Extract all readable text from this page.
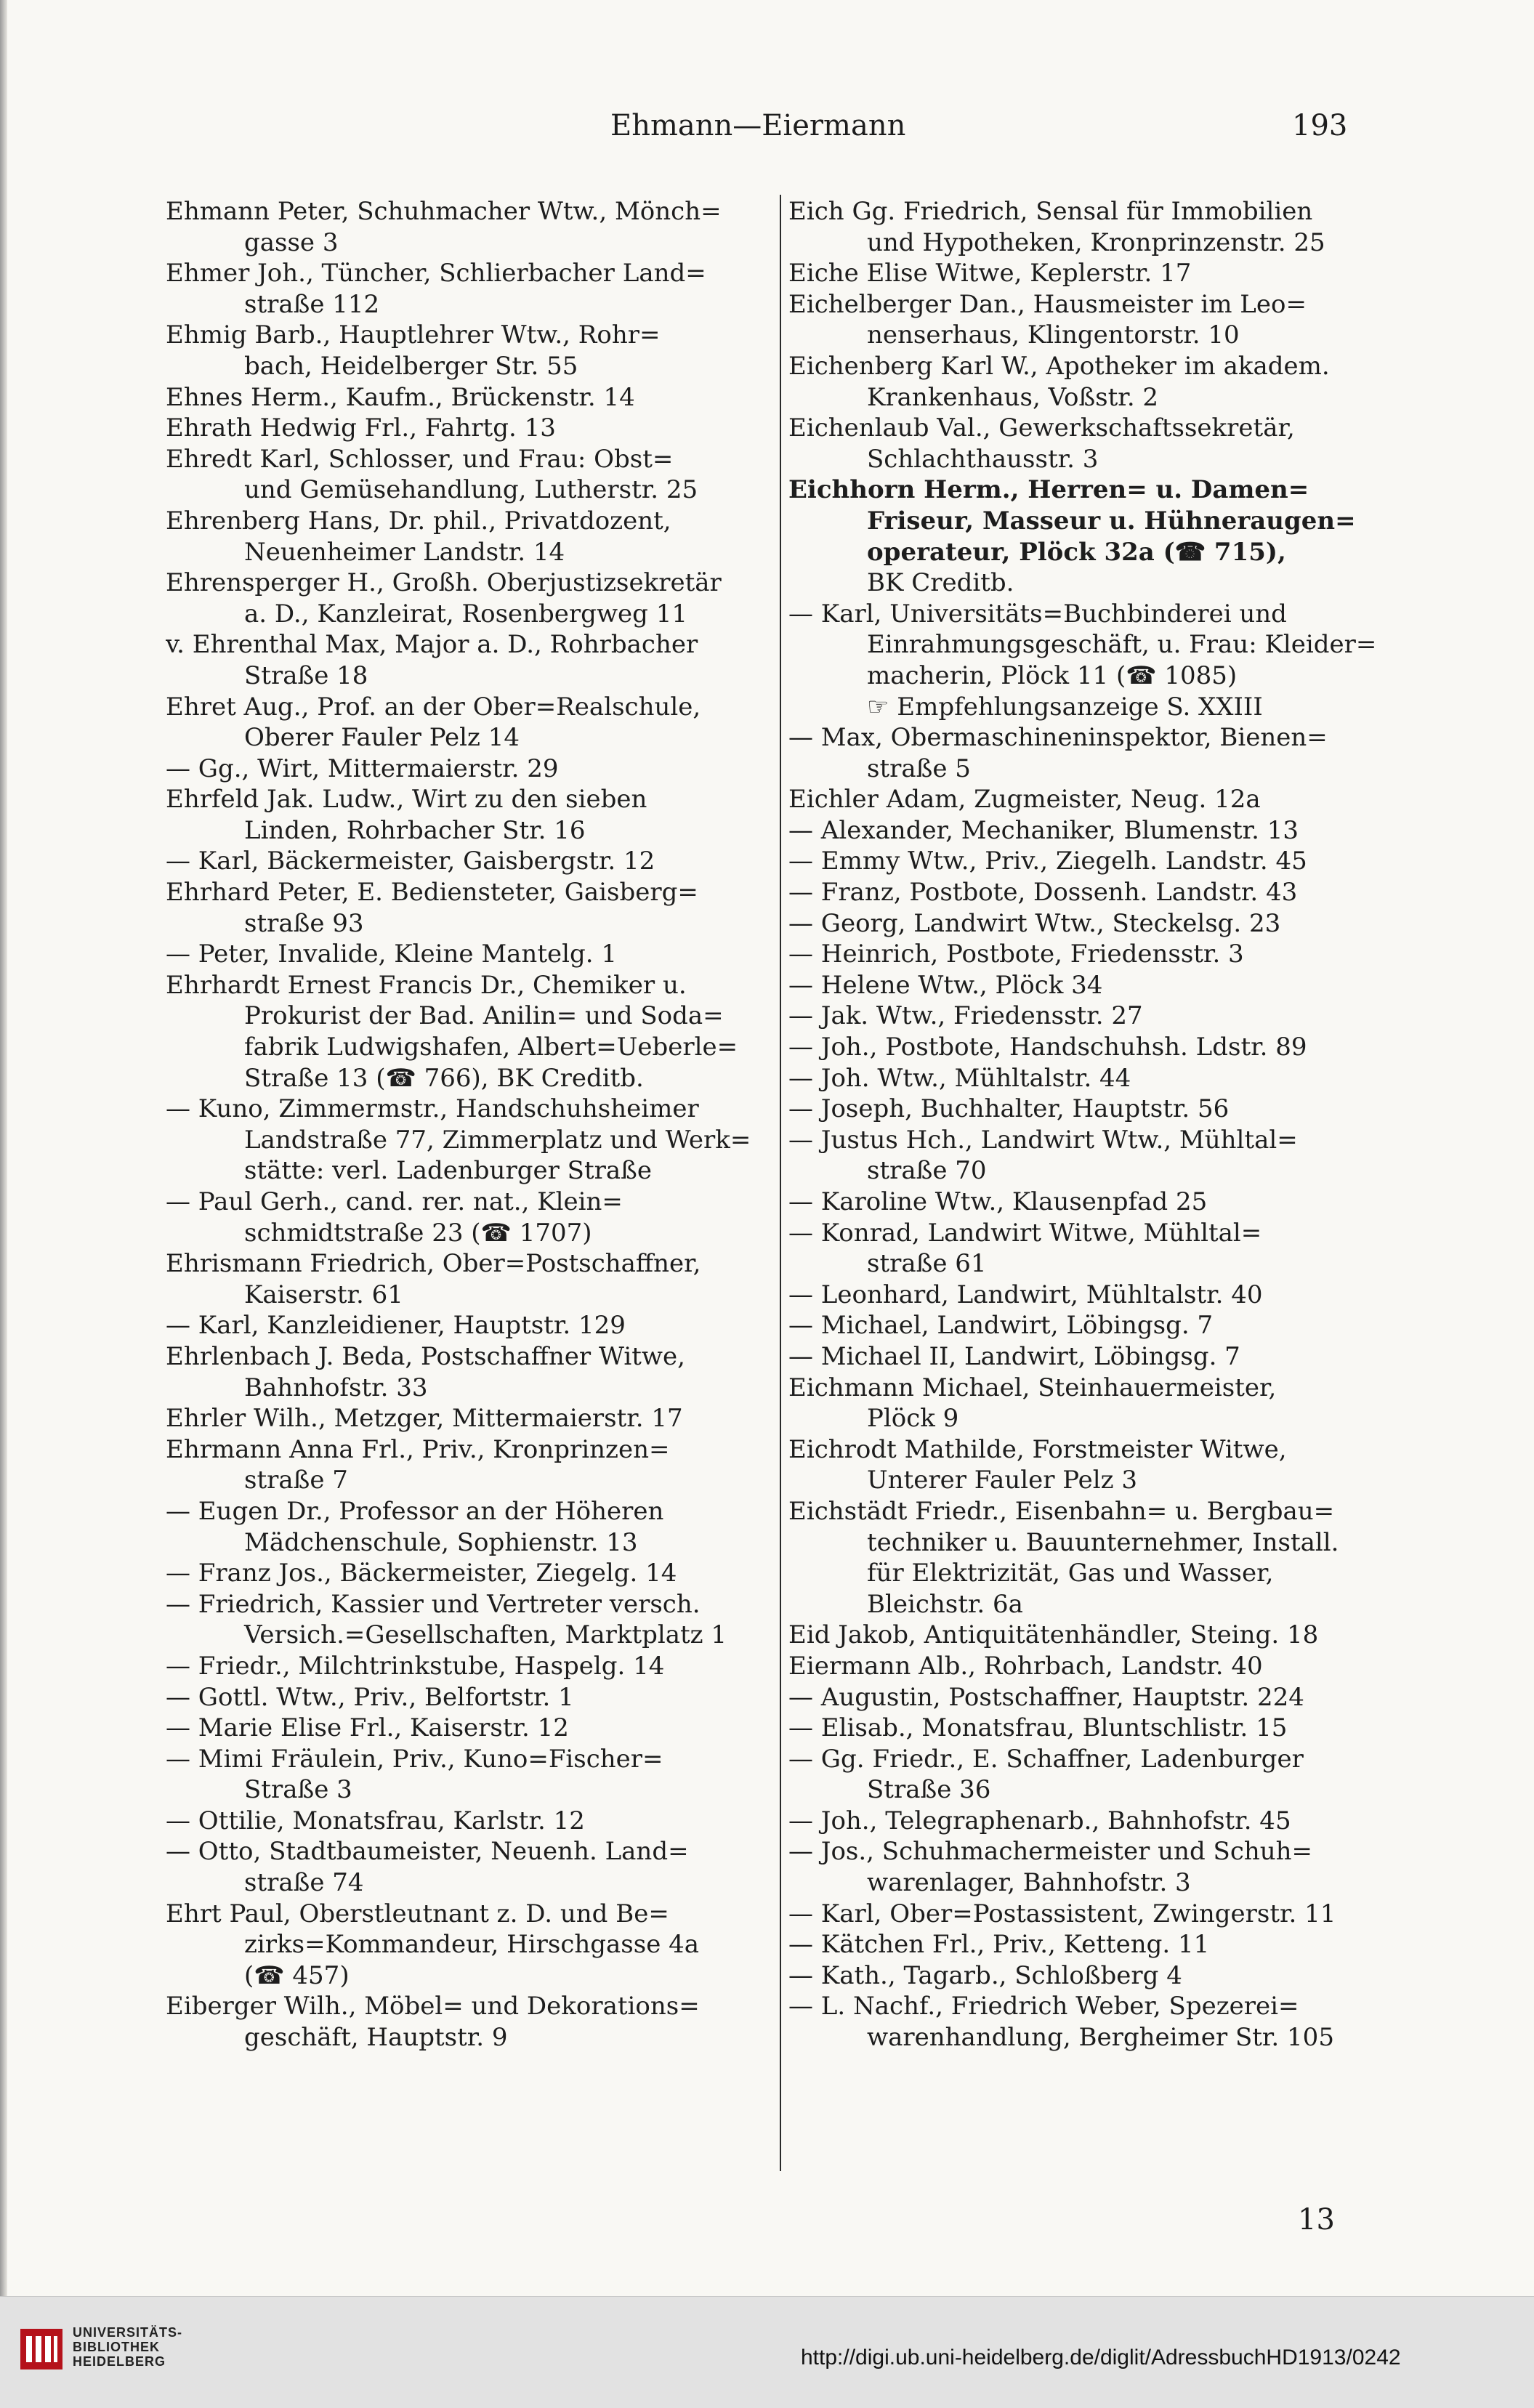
Ehmann—Eiermann	193
Ehmann Peter, Schuhmacher Wtw., Mönch=
gasse 3
Ehmer Joh., Tüncher, Schlierbacher Land=
straße 112
Ehmig Barb., Hauptlehrer Wtw., Rohr=
bach, Heidelberger Str. 55
Ehnes Herm., Kaufm., Brückenstr. 14
Ehrath Hedwig Frl., Fahrtg. 13
Ehredt Karl, Schlosser, und Frau: Obst=
und Gemüsehandlung, Lutherstr. 25
Ehrenberg Hans, Dr. phil., Privatdozent,
Neuenheimer Landstr. 14
Ehrensperger H., Großh. Oberjustizsekretär
a. D., Kanzleirat, Rosenbergweg 11
v. Ehrenthal Max, Major a. D., Rohrbacher
Straße 18
Ehret Aug., Prof. an der Ober=Realschule,
Oberer Fauler Pelz 14
— Gg., Wirt, Mittermaierstr. 29
Ehrfeld Jak. Ludw., Wirt zu den sieben
Linden, Rohrbacher Str. 16
— Karl, Bäckermeister, Gaisbergstr. 12
Ehrhard Peter, E. Bediensteter, Gaisberg=
straße 93
— Peter, Invalide, Kleine Mantelg. 1
Ehrhardt Ernest Francis Dr., Chemiker u.
Prokurist der Bad. Anilin= und Soda=
fabrik Ludwigshafen, Albert=Ueberle=
Straße 13 (☎ 766), BK Creditb.
— Kuno, Zimmermstr., Handschuhsheimer
Landstraße 77, Zimmerplatz und Werk=
stätte: verl. Ladenburger Straße
— Paul Gerh., cand. rer. nat., Klein=
schmidtstraße 23 (☎ 1707)
Ehrismann Friedrich, Ober=Postschaffner,
Kaiserstr. 61
— Karl, Kanzleidiener, Hauptstr. 129
Ehrlenbach J. Beda, Postschaffner Witwe,
Bahnhofstr. 33
Ehrler Wilh., Metzger, Mittermaierstr. 17
Ehrmann Anna Frl., Priv., Kronprinzen=
straße 7
— Eugen Dr., Professor an der Höheren
Mädchenschule, Sophienstr. 13
— Franz Jos., Bäckermeister, Ziegelg. 14
— Friedrich, Kassier und Vertreter versch.
Versich.=Gesellschaften, Marktplatz 1
— Friedr., Milchtrinkstube, Haspelg. 14
— Gottl. Wtw., Priv., Belfortstr. 1
— Marie Elise Frl., Kaiserstr. 12
— Mimi Fräulein, Priv., Kuno=Fischer=
Straße 3
— Ottilie, Monatsfrau, Karlstr. 12
— Otto, Stadtbaumeister, Neuenh. Land=
straße 74
Ehrt Paul, Oberstleutnant z. D. und Be=
zirks=Kommandeur, Hirschgasse 4a
(☎ 457)
Eiberger Wilh., Möbel= und Dekorations=
geschäft, Hauptstr. 9
Eich Gg. Friedrich, Sensal für Immobilien
und Hypotheken, Kronprinzenstr. 25
Eiche Elise Witwe, Keplerstr. 17
Eichelberger Dan., Hausmeister im Leo=
nenserhaus, Klingentorstr. 10
Eichenberg Karl W., Apotheker im akadem.
Krankenhaus, Voßstr. 2
Eichenlaub Val., Gewerkschaftssekretär,
Schlachthausstr. 3
Eichhorn Herm., Herren= u. Damen=
Friseur, Masseur u. Hühneraugen=
operateur, Plöck 32a (☎ 715),
BK Creditb.
— Karl, Universitäts=Buchbinderei und
Einrahmungsgeschäft, u. Frau: Kleider=
macherin, Plöck 11 (☎ 1085)
☞ Empfehlungsanzeige S. XXIII
— Max, Obermaschineninspektor, Bienen=
straße 5
Eichler Adam, Zugmeister, Neug. 12a
— Alexander, Mechaniker, Blumenstr. 13
— Emmy Wtw., Priv., Ziegelh. Landstr. 45
— Franz, Postbote, Dossenh. Landstr. 43
— Georg, Landwirt Wtw., Steckelsg. 23
— Heinrich, Postbote, Friedensstr. 3
— Helene Wtw., Plöck 34
— Jak. Wtw., Friedensstr. 27
— Joh., Postbote, Handschuhsh. Ldstr. 89
— Joh. Wtw., Mühltalstr. 44
— Joseph, Buchhalter, Hauptstr. 56
— Justus Hch., Landwirt Wtw., Mühltal=
straße 70
— Karoline Wtw., Klausenpfad 25
— Konrad, Landwirt Witwe, Mühltal=
straße 61
— Leonhard, Landwirt, Mühltalstr. 40
— Michael, Landwirt, Löbingsg. 7
— Michael II, Landwirt, Löbingsg. 7
Eichmann Michael, Steinhauermeister,
Plöck 9
Eichrodt Mathilde, Forstmeister Witwe,
Unterer Fauler Pelz 3
Eichstädt Friedr., Eisenbahn= u. Bergbau=
techniker u. Bauunternehmer, Install.
für Elektrizität, Gas und Wasser,
Bleichstr. 6a
Eid Jakob, Antiquitätenhändler, Steing. 18
Eiermann Alb., Rohrbach, Landstr. 40
— Augustin, Postschaffner, Hauptstr. 224
— Elisab., Monatsfrau, Bluntschlistr. 15
— Gg. Friedr., E. Schaffner, Ladenburger
Straße 36
— Joh., Telegraphenarb., Bahnhofstr. 45
— Jos., Schuhmachermeister und Schuh=
warenlager, Bahnhofstr. 3
— Karl, Ober=Postassistent, Zwingerstr. 11
— Kätchen Frl., Priv., Ketteng. 11
— Kath., Tagarb., Schloßberg 4
— L. Nachf., Friedrich Weber, Spezerei=
warenhandlung, Bergheimer Str. 105
13
UNIVERSITÄTS-
BIBLIOTHEK
HEIDELBERG	http://digi.ub.uni-heidelberg.de/diglit/AdressbuchHD1913/0242
